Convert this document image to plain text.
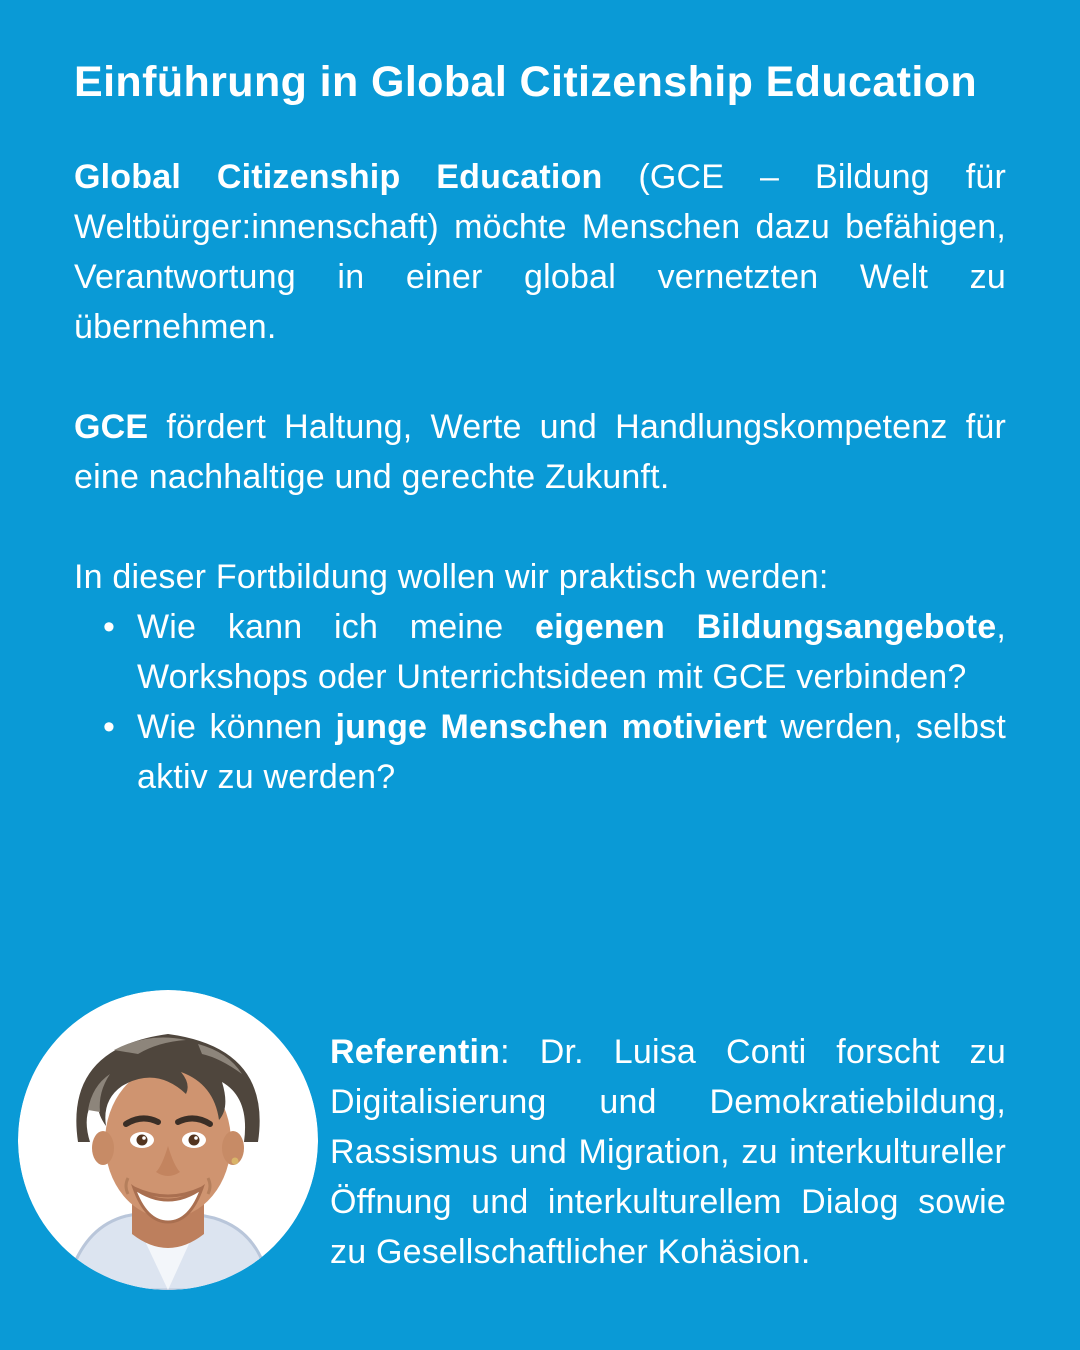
Einführung in Global Citizenship Education

Global Citizenship Education (GCE – Bildung für Weltbürger:innenschaft) möchte Menschen dazu befähigen, Verantwortung in einer global vernetzten Welt zu übernehmen.

GCE fördert Haltung, Werte und Handlungskompetenz für eine nachhaltige und gerechte Zukunft.

In dieser Fortbildung wollen wir praktisch werden:

• Wie kann ich meine eigenen Bildungsangebote, Workshops oder Unterrichtsideen mit GCE verbinden?
• Wie können junge Menschen motiviert werden, selbst aktiv zu werden?

Referentin: Dr. Luisa Conti forscht zu Digitalisierung und Demokratiebildung, Rassismus und Migration, zu interkultureller Öffnung und interkulturellem Dialog sowie zu Gesellschaftlicher Kohäsion.
